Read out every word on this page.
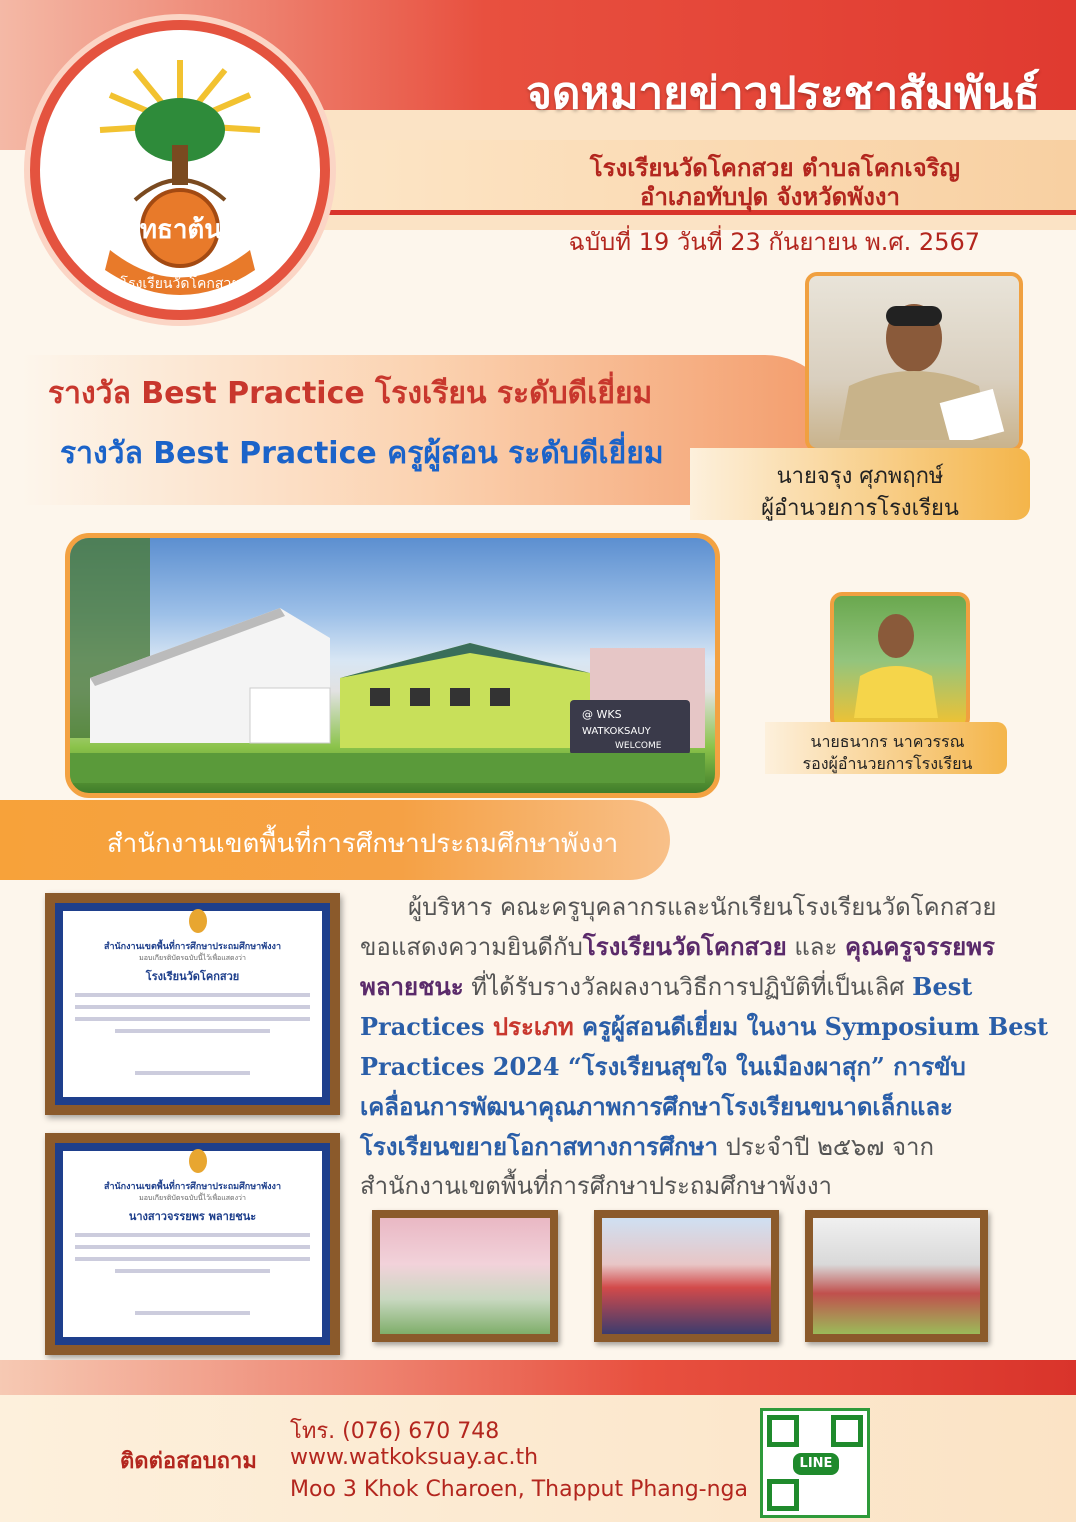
จดหมายข่าวประชาสัมพันธ์
โรงเรียนวัดโคกสวย ตำบลโคกเจริญ
อำเภอทับปุด จังหวัดพังงา
ฉบับที่ 19 วันที่ 23 กันยายน พ.ศ. 2567
ศรัทธาต้นรั้ว
โรงเรียนวัดโคกสวย
รางวัล Best Practice โรงเรียน ระดับดีเยี่ยม
รางวัล Best Practice ครูผู้สอน ระดับดีเยี่ยม
นายจรุง ศุภพฤกษ์
ผู้อำนวยการโรงเรียน
@ WKS
WATKOKSAUY
WELCOME	นายธนากร นาควรรณ
รองผู้อำนวยการโรงเรียน
สำนักงานเขตพื้นที่การศึกษาประถมศึกษาพังงา
สำนักงานเขตพื้นที่การศึกษาประถมศึกษาพังงา
มอบเกียรติบัตรฉบับนี้ไว้เพื่อแสดงว่า
โรงเรียนวัดโคกสวย
สำนักงานเขตพื้นที่การศึกษาประถมศึกษาพังงา
มอบเกียรติบัตรฉบับนี้ไว้เพื่อแสดงว่า
นางสาวจรรยพร พลายชนะ
ผู้บริหาร คณะครูบุคลากรและนักเรียนโรงเรียนวัดโคกสวย
ขอแสดงความยินดีกับโรงเรียนวัดโคกสวย และ คุณครูจรรยพร
พลายชนะ ที่ได้รับรางวัลผลงานวิธีการปฏิบัติที่เป็นเลิศ Best
Practices ประเภท ครูผู้สอนดีเยี่ยม ในงาน Symposium Best
Practices 2024 “โรงเรียนสุขใจ ในเมืองผาสุก” การขับ
เคลื่อนการพัฒนาคุณภาพการศึกษาโรงเรียนขนาดเล็กและ
โรงเรียนขยายโอกาสทางการศึกษา ประจำปี ๒๕๖๗ จาก
สำนักงานเขตพื้นที่การศึกษาประถมศึกษาพังงา
ติดต่อสอบถาม
โทร. (076) 670 748
www.watkoksuay.ac.th
Moo 3 Khok Charoen, Thapput Phang-nga
LINE
